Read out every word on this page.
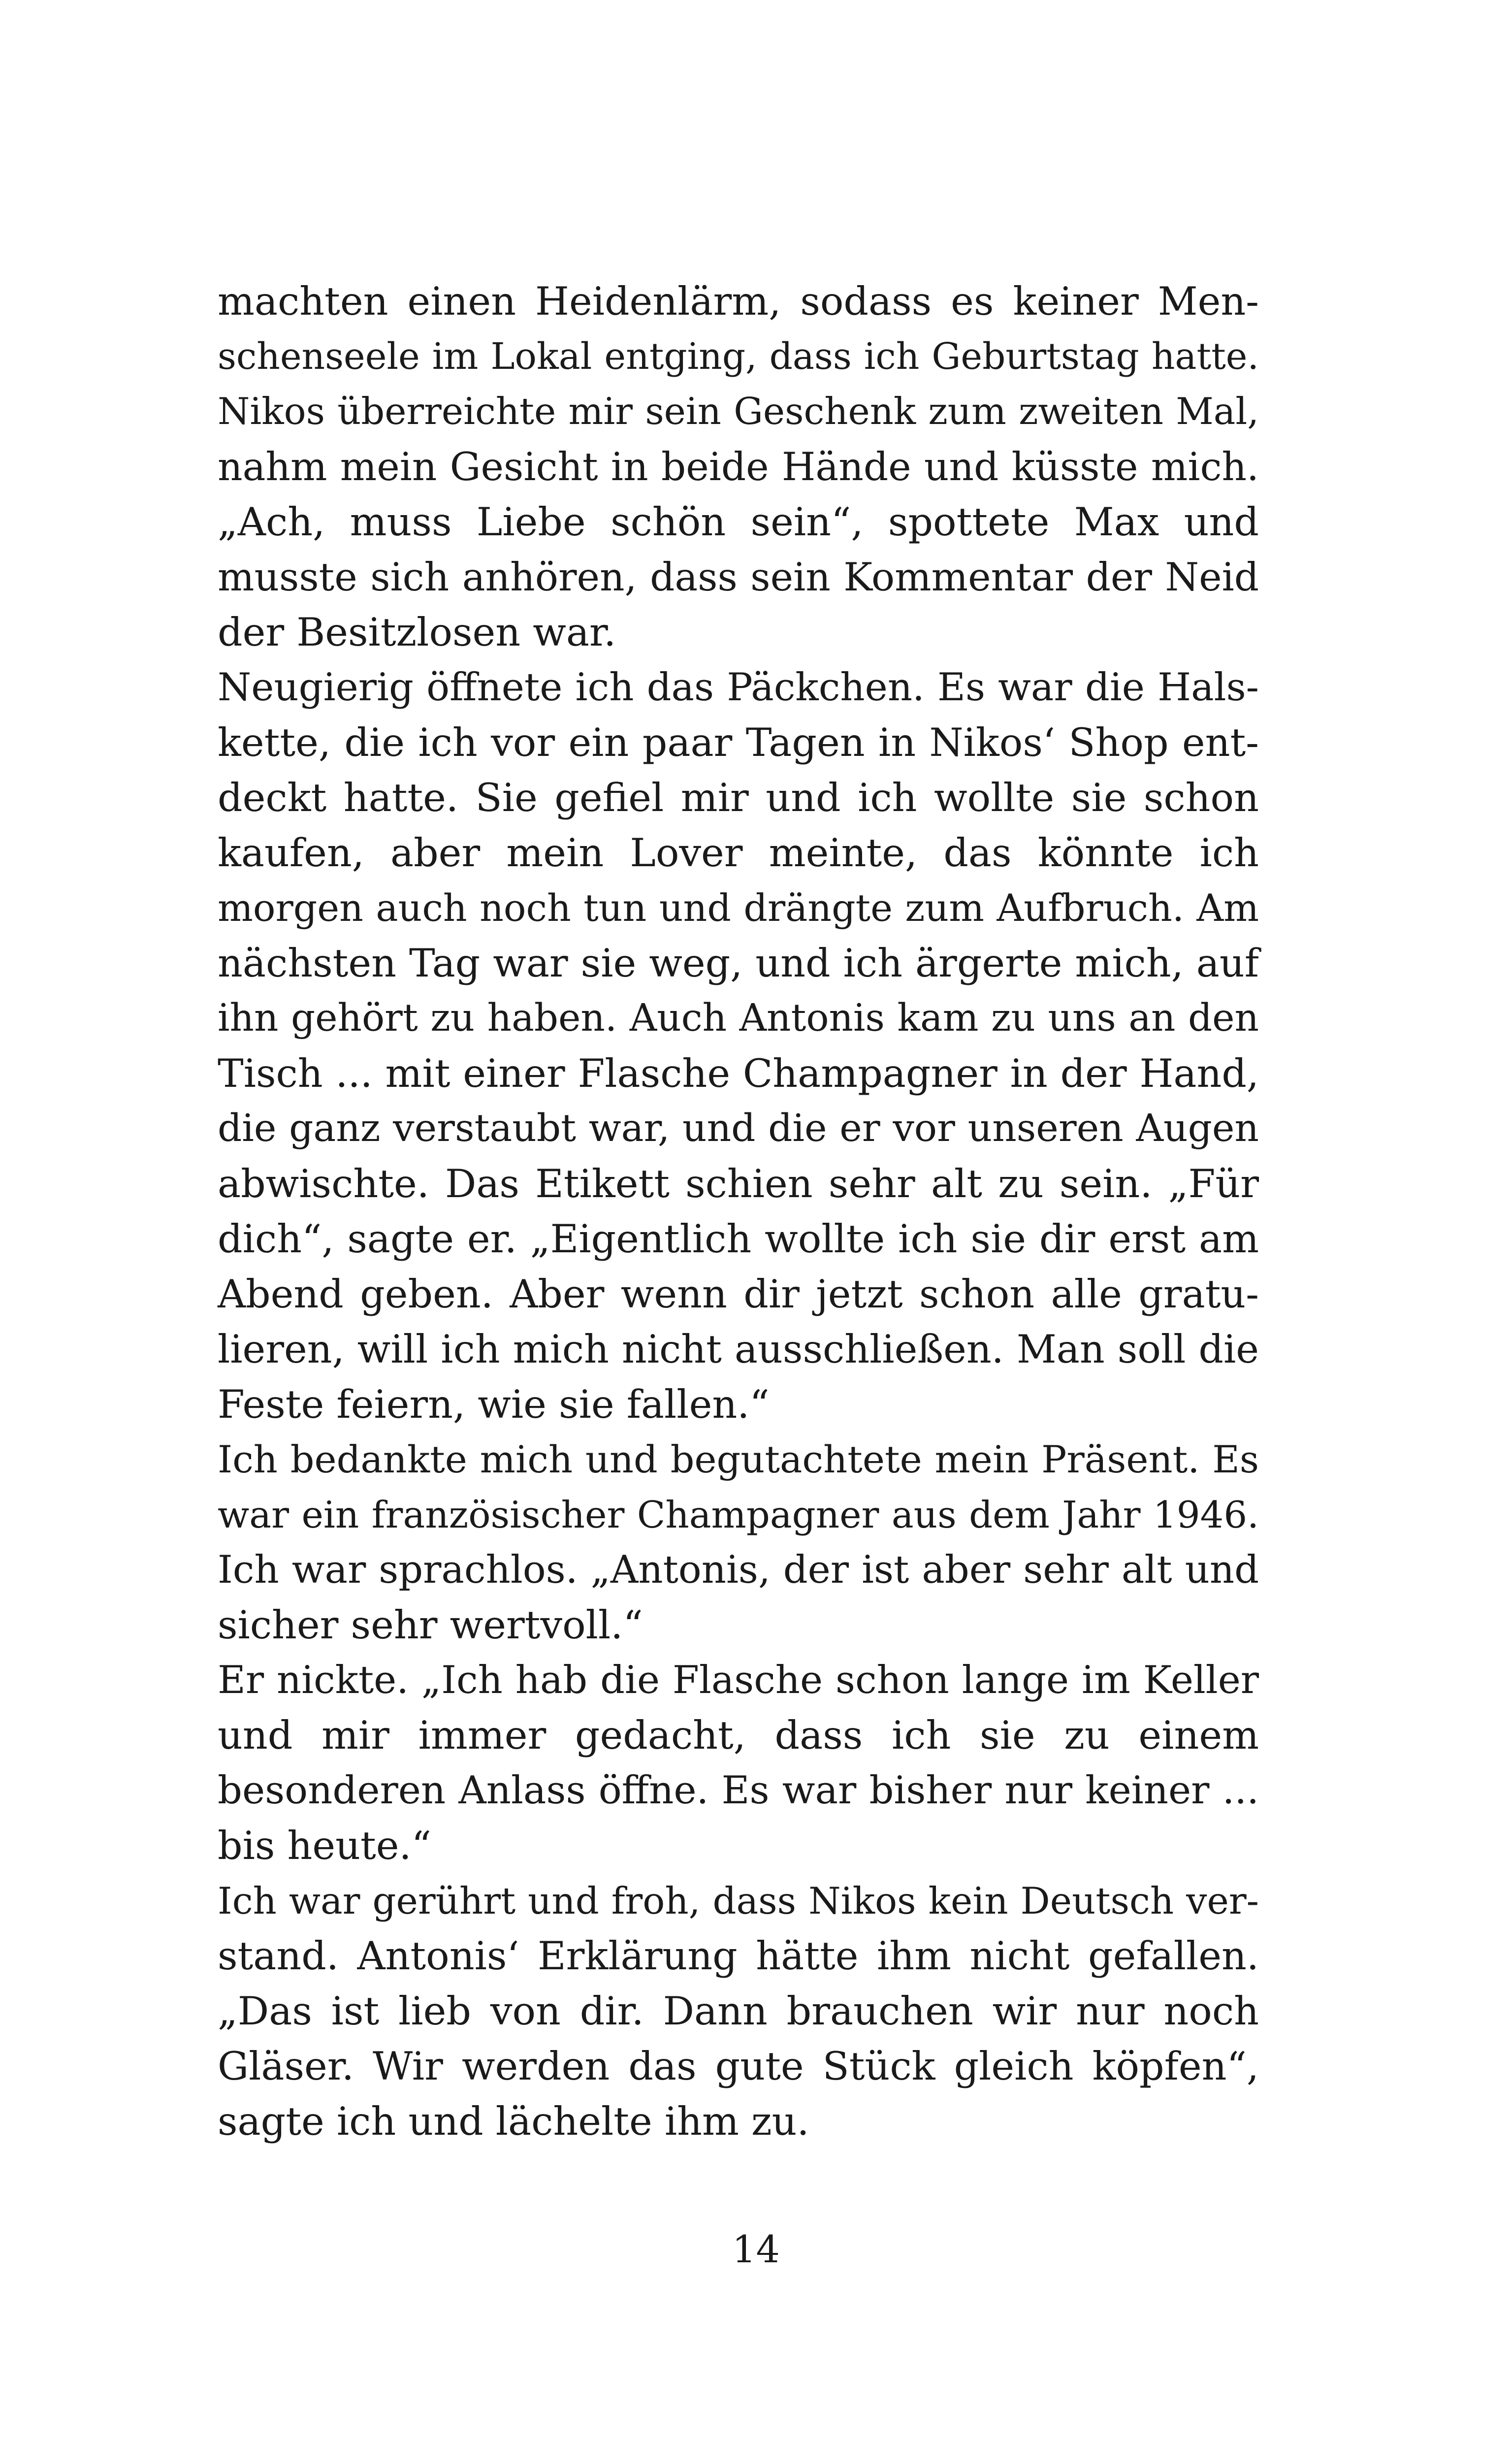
machten einen Heidenlärm, sodass es keiner Men-
schenseele im Lokal entging, dass ich Geburtstag hatte.
Nikos überreichte mir sein Geschenk zum zweiten Mal,
nahm mein Gesicht in beide Hände und küsste mich.
„Ach, muss Liebe schön sein“, spottete Max und
musste sich anhören, dass sein Kommentar der Neid
der Besitzlosen war.
Neugierig öffnete ich das Päckchen. Es war die Hals-
kette, die ich vor ein paar Tagen in Nikos‘ Shop ent-
deckt hatte. Sie gefiel mir und ich wollte sie schon
kaufen, aber mein Lover meinte, das könnte ich
morgen auch noch tun und drängte zum Aufbruch. Am
nächsten Tag war sie weg, und ich ärgerte mich, auf
ihn gehört zu haben. Auch Antonis kam zu uns an den
Tisch ... mit einer Flasche Champagner in der Hand,
die ganz verstaubt war, und die er vor unseren Augen
abwischte. Das Etikett schien sehr alt zu sein. „Für
dich“, sagte er. „Eigentlich wollte ich sie dir erst am
Abend geben. Aber wenn dir jetzt schon alle gratu-
lieren, will ich mich nicht ausschließen. Man soll die
Feste feiern, wie sie fallen.“
Ich bedankte mich und begutachtete mein Präsent. Es
war ein französischer Champagner aus dem Jahr 1946.
Ich war sprachlos. „Antonis, der ist aber sehr alt und
sicher sehr wertvoll.“
Er nickte. „Ich hab die Flasche schon lange im Keller
und mir immer gedacht, dass ich sie zu einem
besonderen Anlass öffne. Es war bisher nur keiner ...
bis heute.“
Ich war gerührt und froh, dass Nikos kein Deutsch ver-
stand. Antonis‘ Erklärung hätte ihm nicht gefallen.
„Das ist lieb von dir. Dann brauchen wir nur noch
Gläser. Wir werden das gute Stück gleich köpfen“,
sagte ich und lächelte ihm zu.
14
